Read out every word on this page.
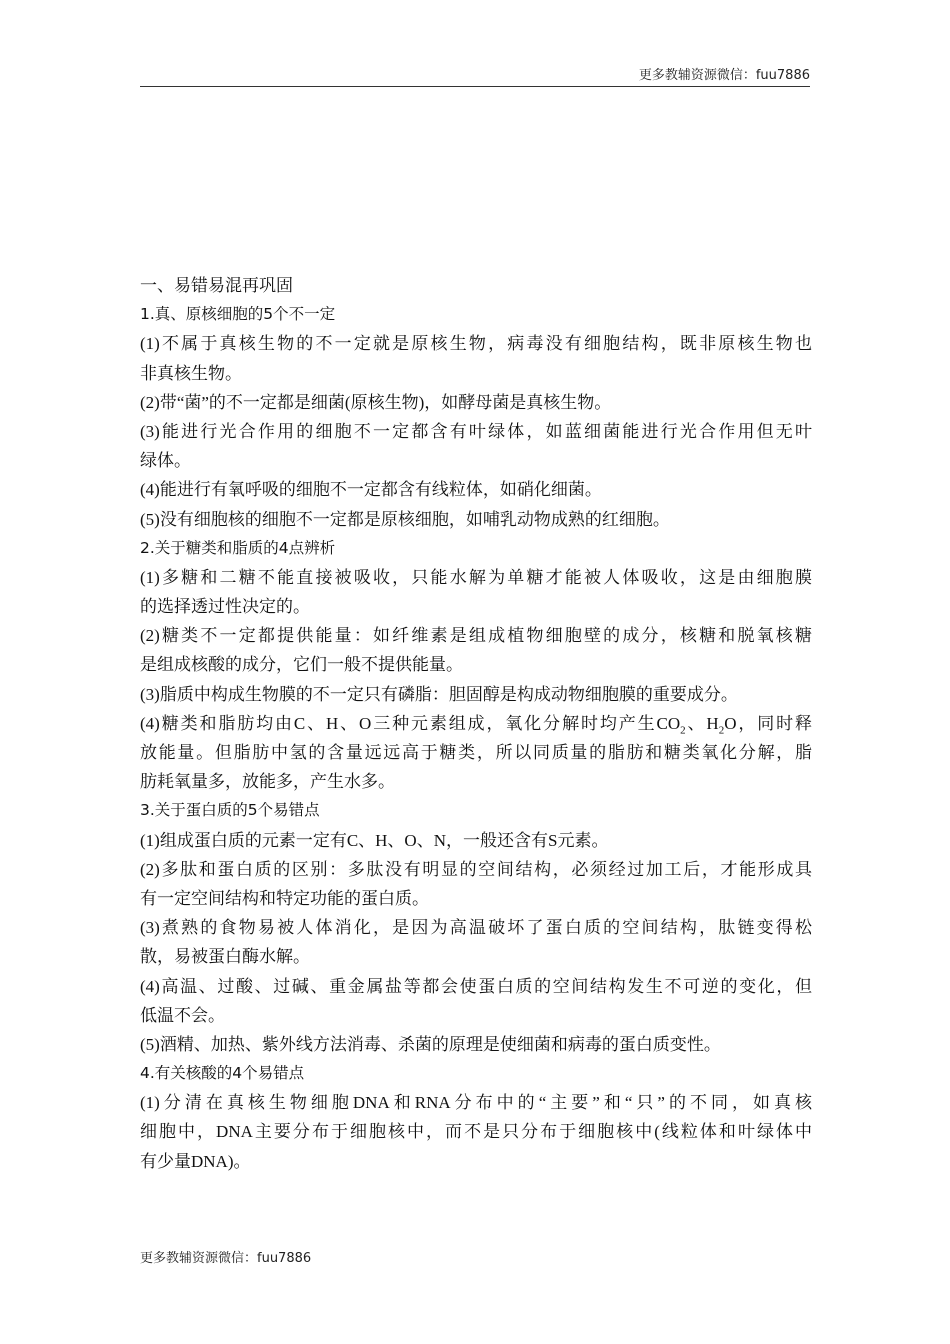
更多教辅资源微信：fuu7886
一、易错易混再巩固
1.真、原核细胞的5个不一定
(1)不属于真核生物的不一定就是原核生物，病毒没有细胞结构，既非原核生物也
非真核生物。
(2)带“菌”的不一定都是细菌(原核生物)，如酵母菌是真核生物。
(3)能进行光合作用的细胞不一定都含有叶绿体，如蓝细菌能进行光合作用但无叶
绿体。
(4)能进行有氧呼吸的细胞不一定都含有线粒体，如硝化细菌。
(5)没有细胞核的细胞不一定都是原核细胞，如哺乳动物成熟的红细胞。
2.关于糖类和脂质的4点辨析
(1)多糖和二糖不能直接被吸收，只能水解为单糖才能被人体吸收，这是由细胞膜
的选择透过性决定的。
(2)糖类不一定都提供能量：如纤维素是组成植物细胞壁的成分，核糖和脱氧核糖
是组成核酸的成分，它们一般不提供能量。
(3)脂质中构成生物膜的不一定只有磷脂：胆固醇是构成动物细胞膜的重要成分。
(4)糖类和脂肪均由C、H、O三种元素组成，氧化分解时均产生$CO_2$、$H_2O$，同时释
放能量。但脂肪中氢的含量远远高于糖类，所以同质量的脂肪和糖类氧化分解，脂
肪耗氧量多，放能多，产生水多。
3.关于蛋白质的5个易错点
(1)组成蛋白质的元素一定有C、H、O、N，一般还含有S元素。
(2)多肽和蛋白质的区别：多肽没有明显的空间结构，必须经过加工后，才能形成具
有一定空间结构和特定功能的蛋白质。
(3)煮熟的食物易被人体消化，是因为高温破坏了蛋白质的空间结构，肽链变得松
散，易被蛋白酶水解。
(4)高温、过酸、过碱、重金属盐等都会使蛋白质的空间结构发生不可逆的变化，但
低温不会。
(5)酒精、加热、紫外线方法消毒、杀菌的原理是使细菌和病毒的蛋白质变性。
4.有关核酸的4个易错点
(1)分清在真核生物细胞DNA和RNA分布中的“主要”和“只”的不同，如真核
细胞中，DNA主要分布于细胞核中，而不是只分布于细胞核中(线粒体和叶绿体中
有少量DNA)。
更多教辅资源微信：fuu7886
